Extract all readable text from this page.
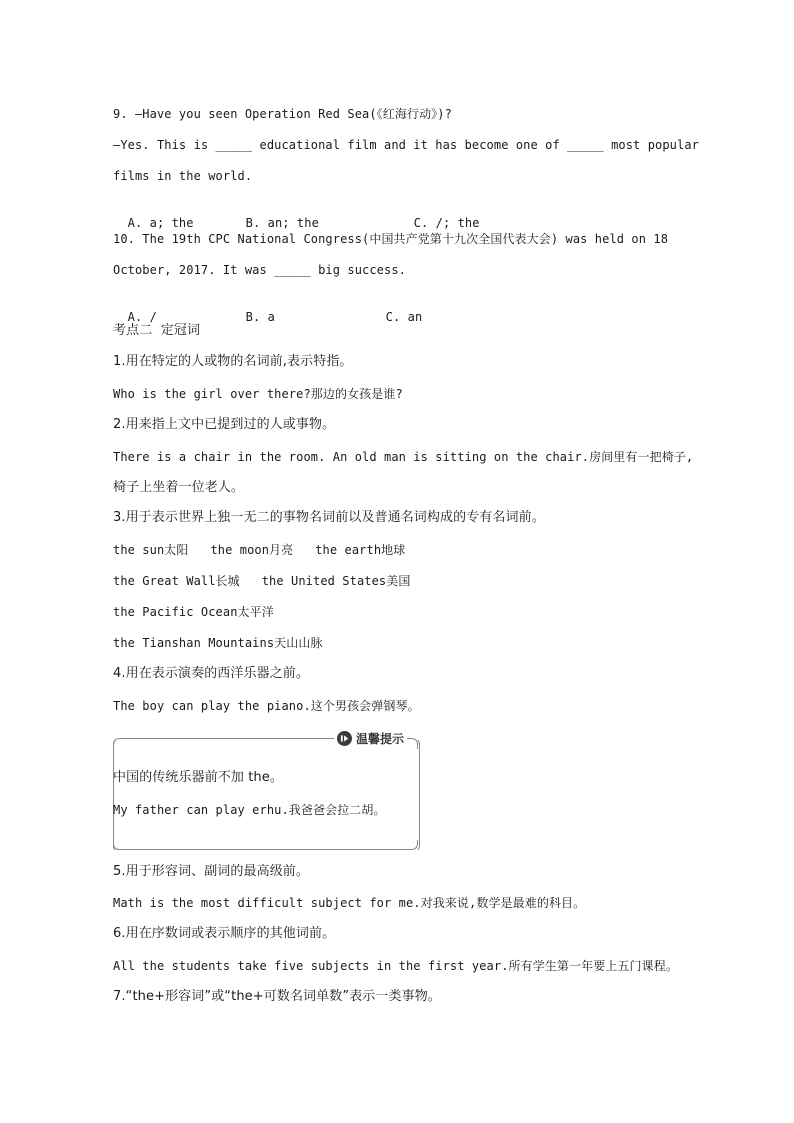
9. —Have you seen Operation Red Sea(《红海行动》)?
—Yes. This is _____ educational film and it has become one of _____ most popular
films in the world.

A. a; the	B. an; the	C. /; the

10. The 19th CPC National Congress(中国共产党第十九次全国代表大会) was held on 18
October, 2017. It was _____ big success.

A. /	B. a	C. an

考点二  定冠词
1.用在特定的人或物的名词前,表示特指。
Who is the girl over there?那边的女孩是谁?
2.用来指上文中已提到过的人或事物。
There is a chair in the room. An old man is sitting on the chair.房间里有一把椅子,
椅子上坐着一位老人。
3.用于表示世界上独一无二的事物名词前以及普通名词构成的专有名词前。
the sun太阳   the moon月亮   the earth地球
the Great Wall长城   the United States美国
the Pacific Ocean太平洋
the Tianshan Mountains天山山脉
4.用在表示演奏的西洋乐器之前。
The boy can play the piano.这个男孩会弹钢琴。
温馨提示
中国的传统乐器前不加 the。
My father can play erhu.我爸爸会拉二胡。
5.用于形容词、副词的最高级前。
Math is the most difficult subject for me.对我来说,数学是最难的科目。
6.用在序数词或表示顺序的其他词前。
All the students take five subjects in the first year.所有学生第一年要上五门课程。
7.“the+形容词”或“the+可数名词单数”表示一类事物。
